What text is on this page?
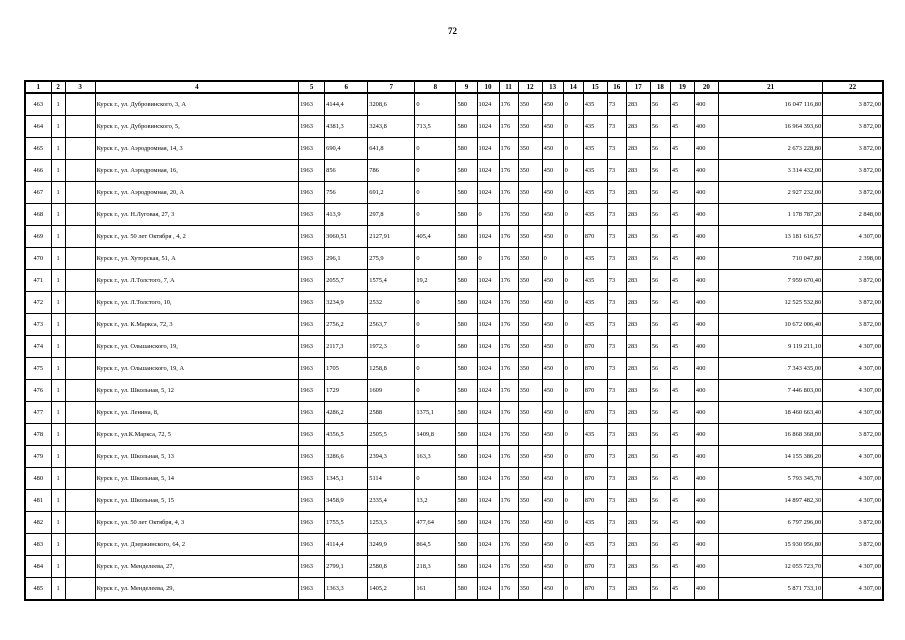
72
1	2	3	4	5	6	7	8	9	10	11	12	13	14	15	16	17	18	19	20	21	22
463	1		Курск г., ул. Дубровинского, 3, А	1963	4144,4	3208,6	0	580	1024	176	350	450	0	435	73	283	56	45	400	16 047 116,80	3 872,00
464	1		Курск г., ул. Дубровинского, 5,	1963	4381,3	3243,8	713,5	580	1024	176	350	450	0	435	73	283	56	45	400	16 964 393,60	3 872,00
465	1		Курск г., ул. Аэродромная, 14, 3	1963	690,4	641,8	0	580	1024	176	350	450	0	435	73	283	56	45	400	2 673 228,80	3 872,00
466	1		Курск г., ул. Аэродромная, 16,	1963	856	786	0	580	1024	176	350	450	0	435	73	283	56	45	400	3 314 432,00	3 872,00
467	1		Курск г., ул. Аэродромная, 20, А	1963	756	691,2	0	580	1024	176	350	450	0	435	73	283	56	45	400	2 927 232,00	3 872,00
468	1		Курск г., ул. Н.Луговая, 27, 3	1963	413,9	297,8	0	580	0	176	350	450	0	435	73	283	56	45	400	1 178 787,20	2 848,00
469	1		Курск г., ул. 50 лет Октября , 4, 2	1963	3060,51	2127,91	405,4	580	1024	176	350	450	0	870	73	283	56	45	400	13 181 616,57	4 307,00
470	1		Курск г., ул. Хуторская, 51, А	1963	296,1	275,9	0	580	0	176	350	0	0	435	73	283	56	45	400	710 047,80	2 398,00
471	1		Курск г., ул. Л.Толстого, 7, А	1963	2055,7	1575,4	19,2	580	1024	176	350	450	0	435	73	283	56	45	400	7 959 670,40	3 872,00
472	1		Курск г., ул. Л.Толстого, 10,	1963	3234,9	2532	0	580	1024	176	350	450	0	435	73	283	56	45	400	12 525 532,80	3 872,00
473	1		Курск г., ул. К.Маркса, 72, 3	1963	2756,2	2563,7	0	580	1024	176	350	450	0	435	73	283	56	45	400	10 672 006,40	3 872,00
474	1		Курск г., ул. Ольшанского, 19,	1963	2117,3	1972,3	0	580	1024	176	350	450	0	870	73	283	56	45	400	9 119 211,10	4 307,00
475	1		Курск г., ул. Ольшанского, 19, А	1963	1705	1258,8	0	580	1024	176	350	450	0	870	73	283	56	45	400	7 343 435,00	4 307,00
476	1		Курск г., ул. Школьная, 5, 12	1963	1729	1609	0	580	1024	176	350	450	0	870	73	283	56	45	400	7 446 803,00	4 307,00
477	1		Курск г., ул. Ленина, 8,	1963	4286,2	2588	1375,1	580	1024	176	350	450	0	870	73	283	56	45	400	18 460 663,40	4 307,00
478	1		Курск г., ул.К.Маркса, 72, 5	1963	4356,5	2505,5	1409,8	580	1024	176	350	450	0	435	73	283	56	45	400	16 868 368,00	3 872,00
479	1		Курск г., ул. Школьная, 5, 13	1963	3286,6	2394,3	163,3	580	1024	176	350	450	0	870	73	283	56	45	400	14 155 386,20	4 307,00
480	1		Курск г., ул. Школьная, 5, 14	1963	1345,1	5114	0	580	1024	176	350	450	0	870	73	283	56	45	400	5 793 345,70	4 307,00
481	1		Курск г., ул. Школьная, 5, 15	1963	3458,9	2335,4	13,2	580	1024	176	350	450	0	870	73	283	56	45	400	14 897 482,30	4 307,00
482	1		Курск г., ул. 50 лет Октября, 4, 3	1963	1755,5	1253,3	477,64	580	1024	176	350	450	0	435	73	283	56	45	400	6 797 296,00	3 872,00
483	1		Курск г., ул. Дзержинского, 64, 2	1963	4114,4	3249,9	864,5	580	1024	176	350	450	0	435	73	283	56	45	400	15 930 956,80	3 872,00
484	1		Курск г., ул. Менделеева, 27,	1963	2799,1	2580,8	218,3	580	1024	176	350	450	0	870	73	283	56	45	400	12 055 723,70	4 307,00
485	1		Курск г., ул. Менделеева, 29,	1963	1363,3	1405,2	161	580	1024	176	350	450	0	870	73	283	56	45	400	5 871 733,10	4 307,00
